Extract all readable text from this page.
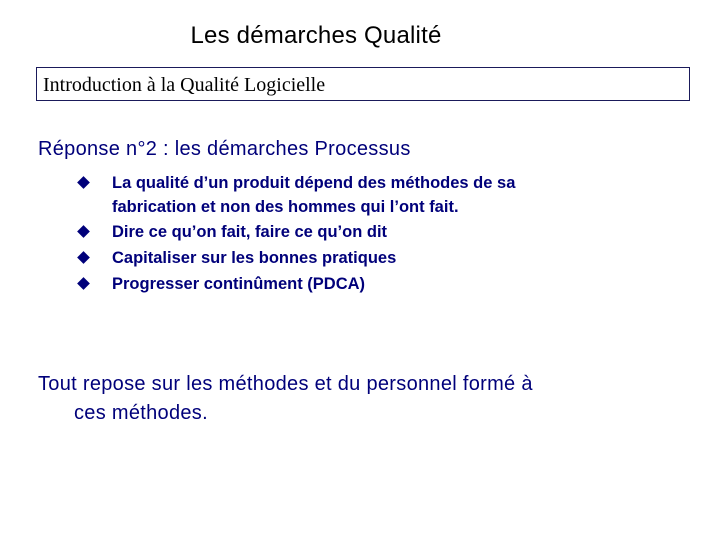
Les démarches Qualité
Introduction à la Qualité Logicielle
Réponse n°2 : les démarches Processus
La qualité d’un produit dépend des méthodes de sa
fabrication et non des hommes qui l’ont fait.
Dire ce qu’on fait, faire ce qu’on dit
Capitaliser sur les bonnes pratiques
Progresser continûment (PDCA)
Tout repose sur les méthodes et du personnel formé à
ces méthodes.
